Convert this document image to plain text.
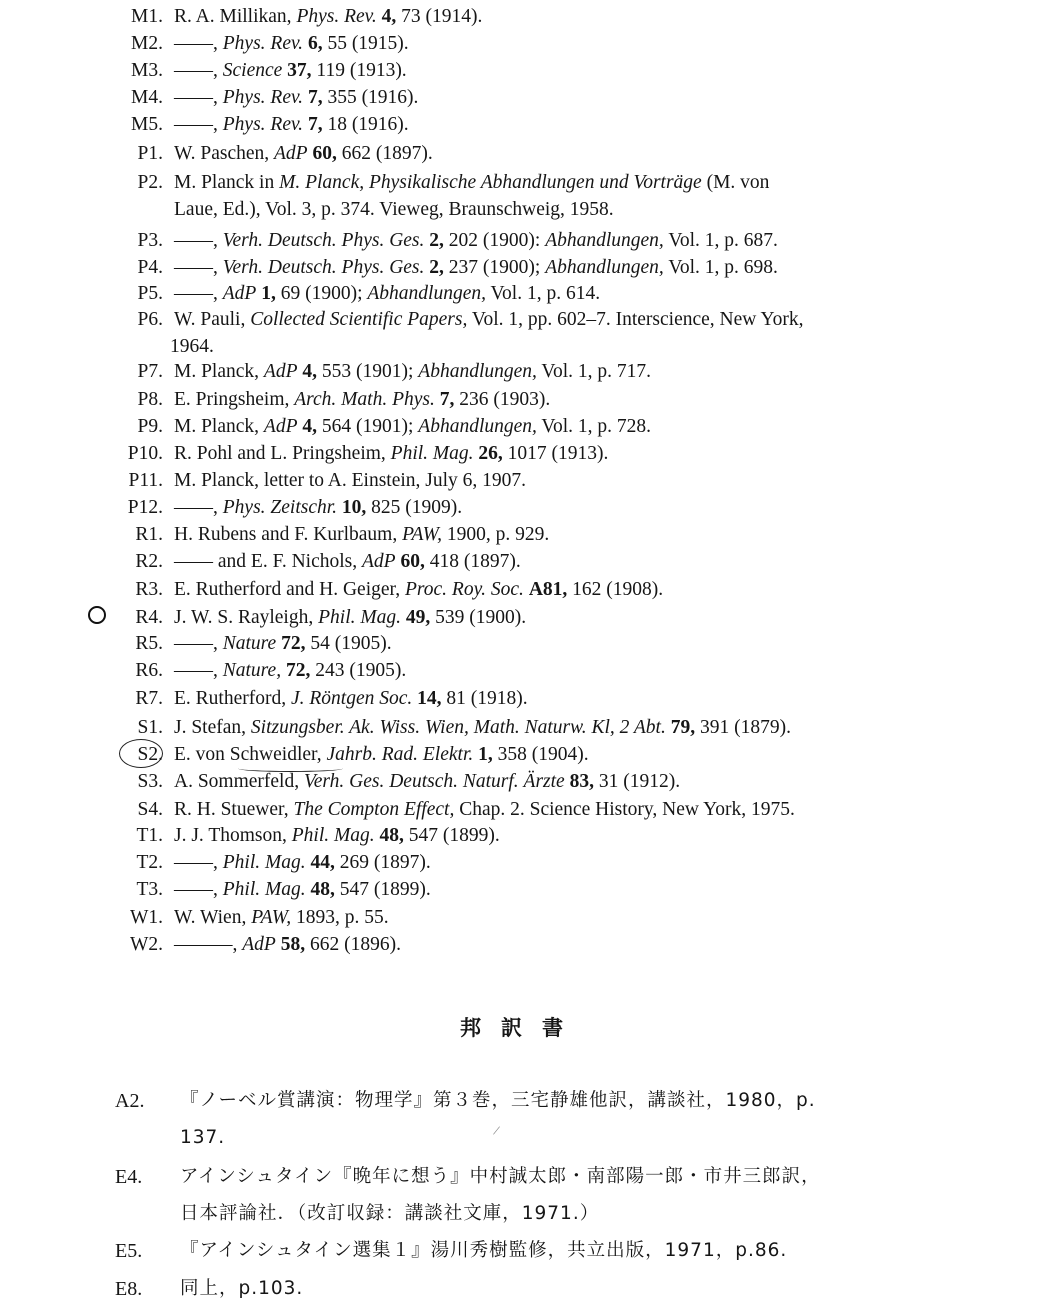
M1. R. A. Millikan, Phys. Rev. 4, 73 (1914).
M2. ——, Phys. Rev. 6, 55 (1915).
M3. ——, Science 37, 119 (1913).
M4. ——, Phys. Rev. 7, 355 (1916).
M5. ——, Phys. Rev. 7, 18 (1916).
P1. W. Paschen, AdP 60, 662 (1897).
P2. M. Planck in M. Planck, Physikalische Abhandlungen und Vorträge (M. von
Laue, Ed.), Vol. 3, p. 374. Vieweg, Braunschweig, 1958.
P3. ——, Verh. Deutsch. Phys. Ges. 2, 202 (1900): Abhandlungen, Vol. 1, p. 687.
P4. ——, Verh. Deutsch. Phys. Ges. 2, 237 (1900); Abhandlungen, Vol. 1, p. 698.
P5. ——, AdP 1, 69 (1900); Abhandlungen, Vol. 1, p. 614.
P6. W. Pauli, Collected Scientific Papers, Vol. 1, pp. 602–7. Interscience, New York,
1964.
P7. M. Planck, AdP 4, 553 (1901); Abhandlungen, Vol. 1, p. 717.
P8. E. Pringsheim, Arch. Math. Phys. 7, 236 (1903).
P9. M. Planck, AdP 4, 564 (1901); Abhandlungen, Vol. 1, p. 728.
P10. R. Pohl and L. Pringsheim, Phil. Mag. 26, 1017 (1913).
P11. M. Planck, letter to A. Einstein, July 6, 1907.
P12. ——, Phys. Zeitschr. 10, 825 (1909).
R1. H. Rubens and F. Kurlbaum, PAW, 1900, p. 929.
R2. —— and E. F. Nichols, AdP 60, 418 (1897).
R3. E. Rutherford and H. Geiger, Proc. Roy. Soc. A81, 162 (1908).
R4. J. W. S. Rayleigh, Phil. Mag. 49, 539 (1900).
R5. ——, Nature 72, 54 (1905).
R6. ——, Nature, 72, 243 (1905).
R7. E. Rutherford, J. Röntgen Soc. 14, 81 (1918).
S1. J. Stefan, Sitzungsber. Ak. Wiss. Wien, Math. Naturw. Kl, 2 Abt. 79, 391 (1879).
S2. E. von Schweidler, Jahrb. Rad. Elektr. 1, 358 (1904).
S3. A. Sommerfeld, Verh. Ges. Deutsch. Naturf. Ärzte 83, 31 (1912).
S4. R. H. Stuewer, The Compton Effect, Chap. 2. Science History, New York, 1975.
T1. J. J. Thomson, Phil. Mag. 48, 547 (1899).
T2. ——, Phil. Mag. 44, 269 (1897).
T3. ——, Phil. Mag. 48, 547 (1899).
W1. W. Wien, PAW, 1893, p. 55.
W2. ———, AdP 58, 662 (1896).
邦訳書
A2. 『ノーベル賞講演：物理学』第３巻，三宅静雄他訳，講談社，1980，p.
137.
E4. アインシュタイン『晩年に想う』中村誠太郎・南部陽一郎・市井三郎訳，
日本評論社．（改訂収録：講談社文庫，1971.）
E5. 『アインシュタイン選集１』湯川秀樹監修，共立出版，1971，p.86.
E8. 同上，p.103.
/
